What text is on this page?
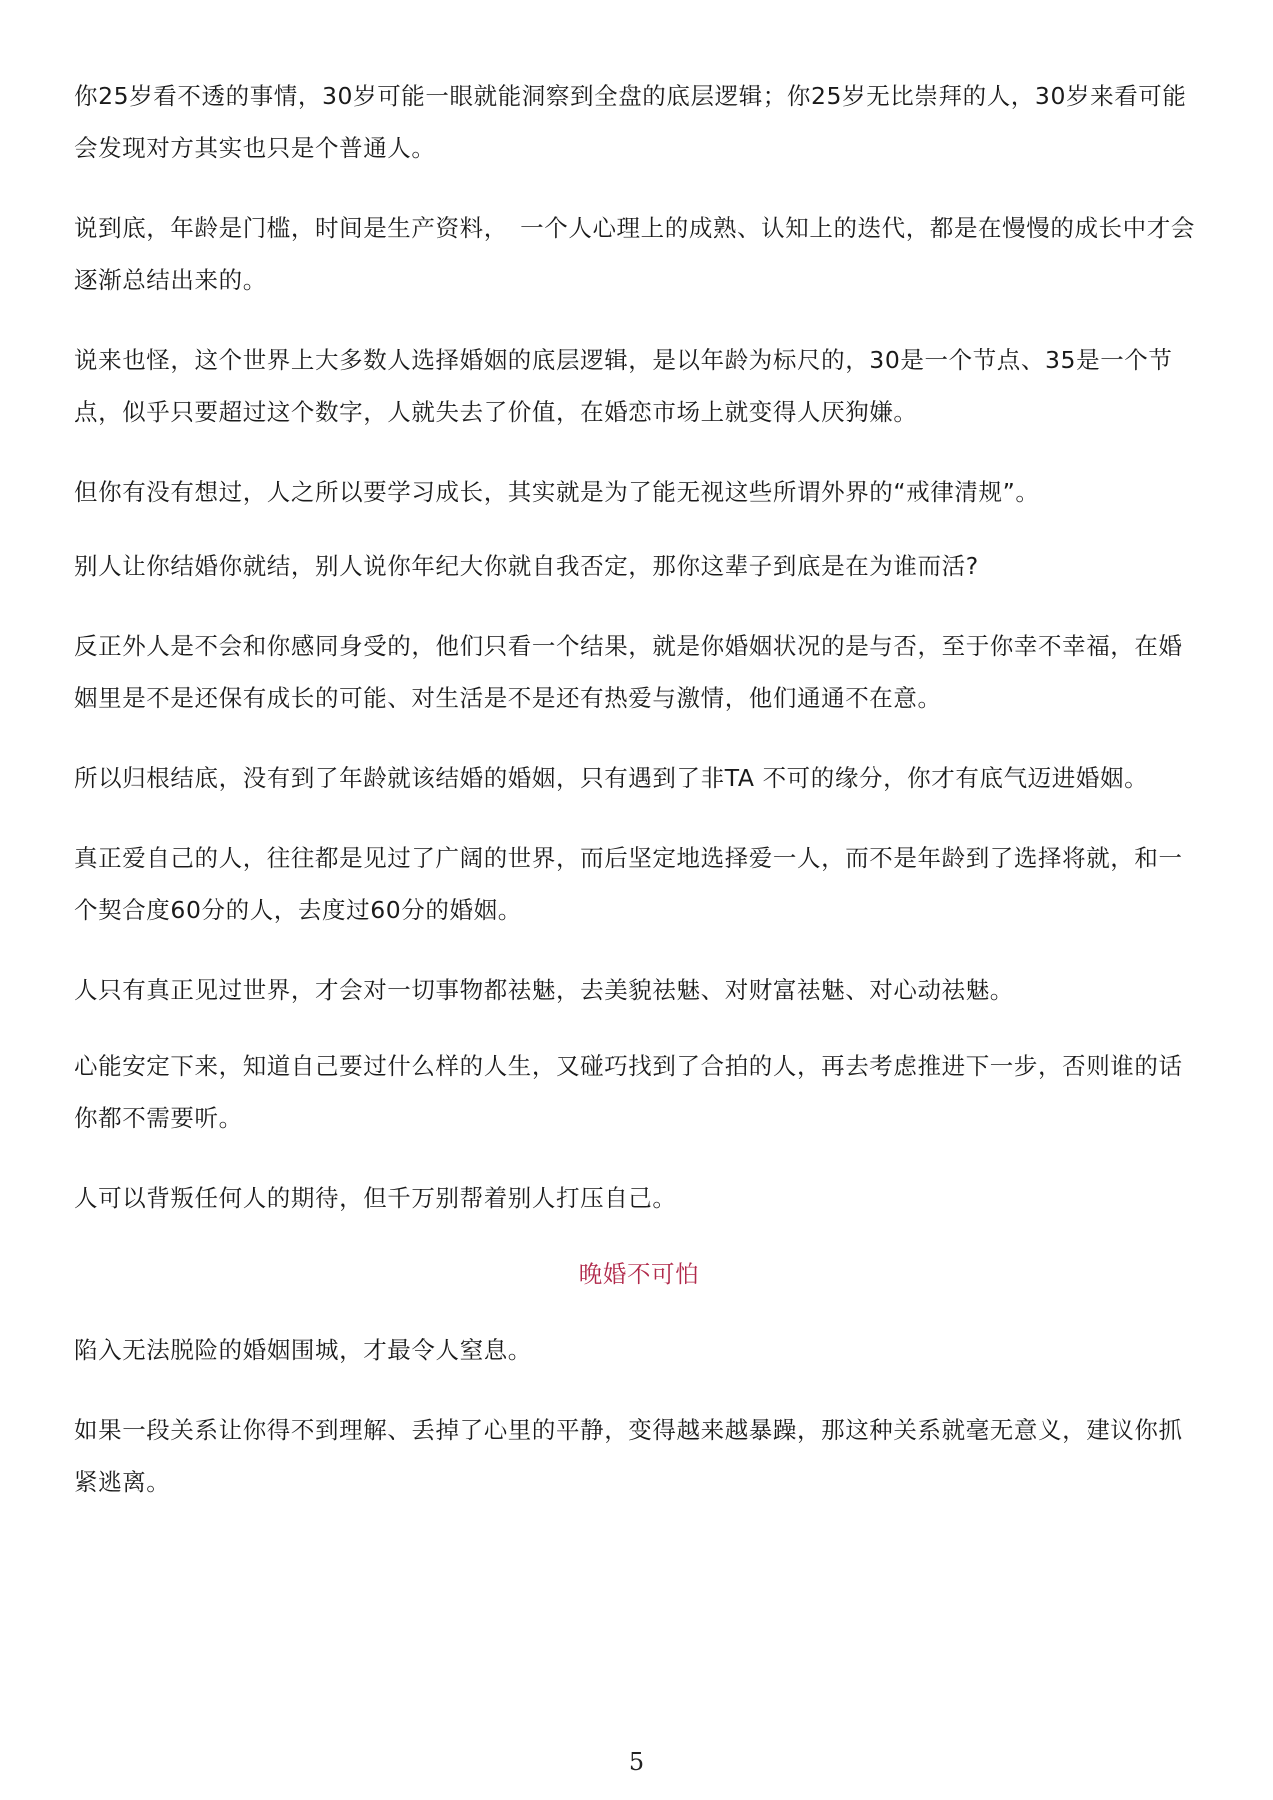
你25岁看不透的事情，30岁可能一眼就能洞察到全盘的底层逻辑；你25岁无比崇拜的人，30岁来看可能会发现对方其实也只是个普通人。

说到底，年龄是门槛，时间是生产资料，　一个人心理上的成熟、认知上的迭代，都是在慢慢的成长中才会逐渐总结出来的。

说来也怪，这个世界上大多数人选择婚姻的底层逻辑，是以年龄为标尺的，30是一个节点、35是一个节点，似乎只要超过这个数字，人就失去了价值，在婚恋市场上就变得人厌狗嫌。

但你有没有想过，人之所以要学习成长，其实就是为了能无视这些所谓外界的“戒律清规”。

别人让你结婚你就结，别人说你年纪大你就自我否定，那你这辈子到底是在为谁而活?

反正外人是不会和你感同身受的，他们只看一个结果，就是你婚姻状况的是与否，至于你幸不幸福，在婚姻里是不是还保有成长的可能、对生活是不是还有热爱与激情，他们通通不在意。

所以归根结底，没有到了年龄就该结婚的婚姻，只有遇到了非TA 不可的缘分，你才有底气迈进婚姻。

真正爱自己的人，往往都是见过了广阔的世界，而后坚定地选择爱一人，而不是年龄到了选择将就，和一个契合度60分的人，去度过60分的婚姻。

人只有真正见过世界，才会对一切事物都祛魅，去美貌祛魅、对财富祛魅、对心动祛魅。

心能安定下来，知道自己要过什么样的人生，又碰巧找到了合拍的人，再去考虑推进下一步，否则谁的话你都不需要听。

人可以背叛任何人的期待，但千万别帮着别人打压自己。

晚婚不可怕

陷入无法脱险的婚姻围城，才最令人窒息。

如果一段关系让你得不到理解、丢掉了心里的平静，变得越来越暴躁，那这种关系就毫无意义，建议你抓紧逃离。

5
